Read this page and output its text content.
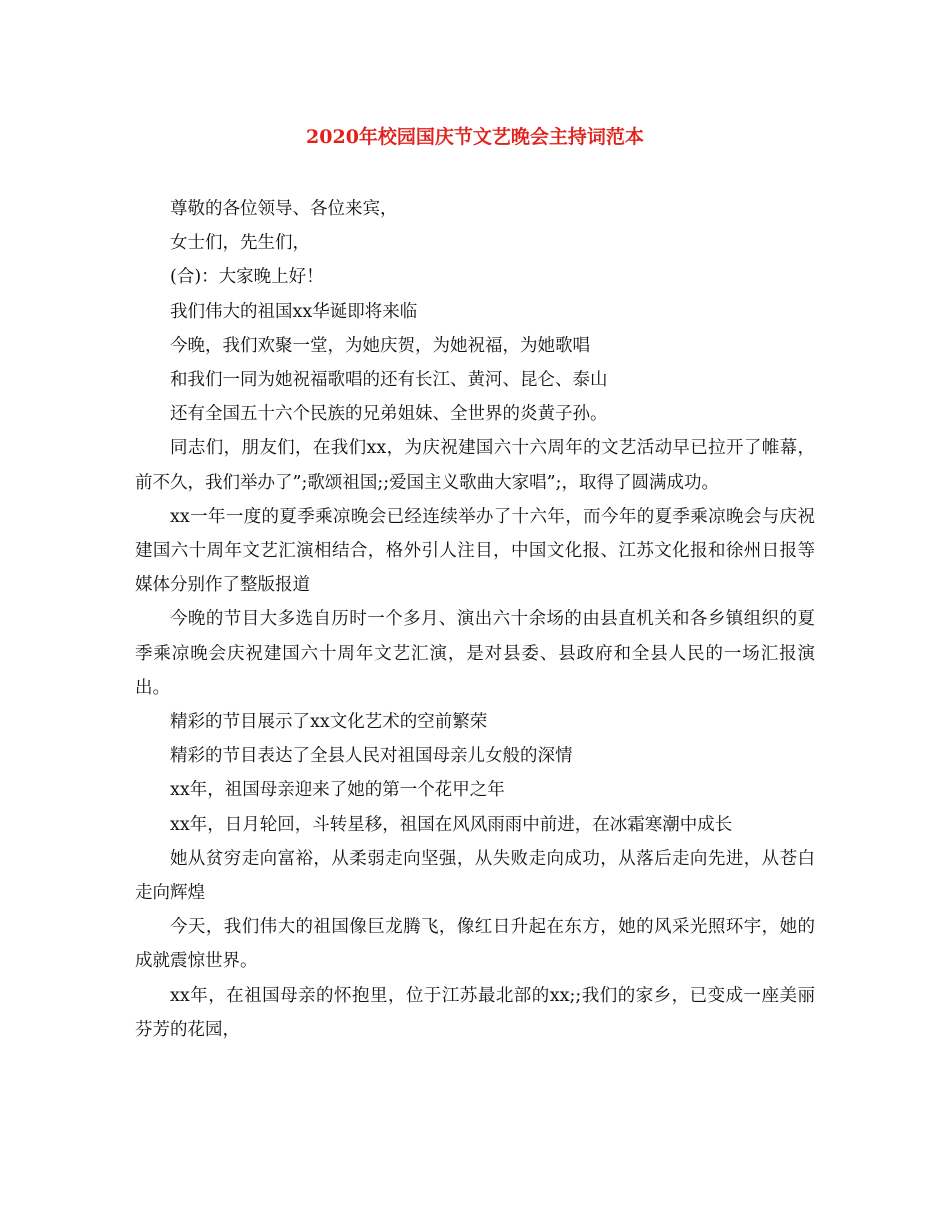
2020年校园国庆节文艺晚会主持词范本

尊敬的各位领导、各位来宾，

女士们，先生们，

(合)：大家晚上好！

我们伟大的祖国xx华诞即将来临

今晚，我们欢聚一堂，为她庆贺，为她祝福，为她歌唱

和我们一同为她祝福歌唱的还有长江、黄河、昆仑、泰山

还有全国五十六个民族的兄弟姐妹、全世界的炎黄子孙。

同志们，朋友们，在我们xx，为庆祝建国六十六周年的文艺活动早已拉开了帷幕，前不久，我们举办了”;歌颂祖国;;爱国主义歌曲大家唱”;，取得了圆满成功。

xx一年一度的夏季乘凉晚会已经连续举办了十六年，而今年的夏季乘凉晚会与庆祝建国六十周年文艺汇演相结合，格外引人注目，中国文化报、江苏文化报和徐州日报等媒体分别作了整版报道

今晚的节目大多选自历时一个多月、演出六十余场的由县直机关和各乡镇组织的夏季乘凉晚会庆祝建国六十周年文艺汇演，是对县委、县政府和全县人民的一场汇报演出。

精彩的节目展示了xx文化艺术的空前繁荣

精彩的节目表达了全县人民对祖国母亲儿女般的深情

xx年，祖国母亲迎来了她的第一个花甲之年

xx年，日月轮回，斗转星移，祖国在风风雨雨中前进，在冰霜寒潮中成长

她从贫穷走向富裕，从柔弱走向坚强，从失败走向成功，从落后走向先进，从苍白走向辉煌

今天，我们伟大的祖国像巨龙腾飞，像红日升起在东方，她的风采光照环宇，她的成就震惊世界。

xx年，在祖国母亲的怀抱里，位于江苏最北部的xx;;我们的家乡，已变成一座美丽芬芳的花园，
